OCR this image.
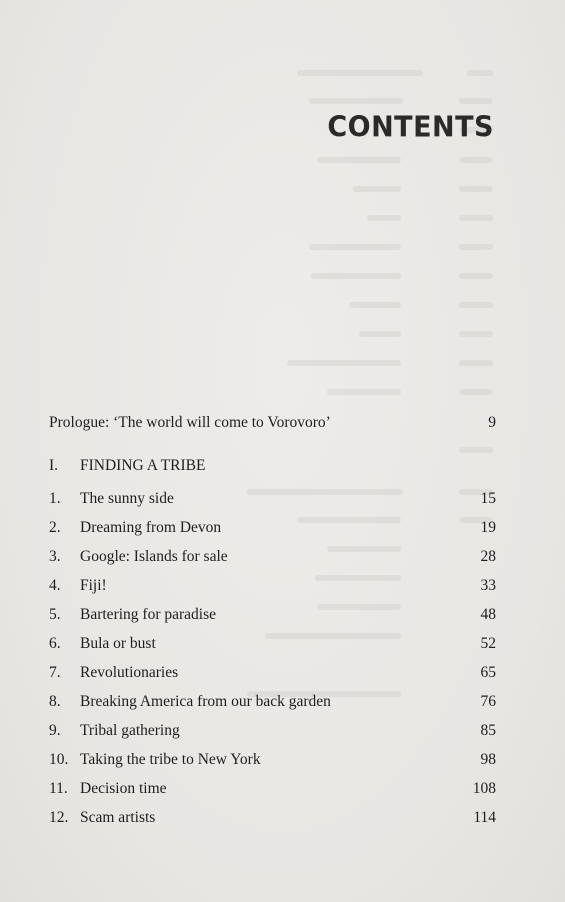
CONTENTS
Prologue: ‘The world will come to Vorovoro’	9
I.	FINDING A TRIBE
1.	The sunny side	15
2.	Dreaming from Devon	19
3.	Google: Islands for sale	28
4.	Fiji!	33
5.	Bartering for paradise	48
6.	Bula or bust	52
7.	Revolutionaries	65
8.	Breaking America from our back garden	76
9.	Tribal gathering	85
10. Taking the tribe to New York	98
11. Decision time	108
12. Scam artists	114
